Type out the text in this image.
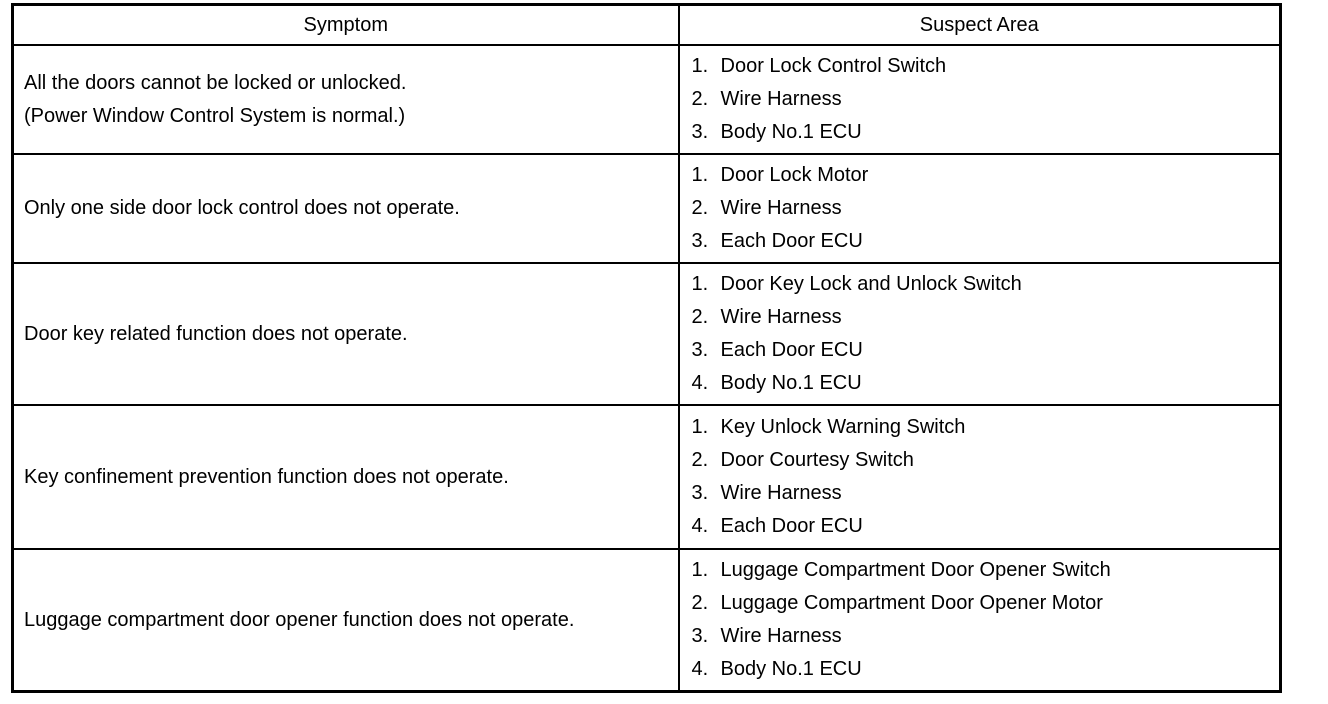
Symptom	Suspect Area

All the doors cannot be locked or unlocked.
(Power Window Control System is normal.)	1. Door Lock Control Switch
2. Wire Harness
3. Body No.1 ECU

Only one side door lock control does not operate.	1. Door Lock Motor
2. Wire Harness
3. Each Door ECU

Door key related function does not operate.	1. Door Key Lock and Unlock Switch
2. Wire Harness
3. Each Door ECU
4. Body No.1 ECU

Key confinement prevention function does not operate.	1. Key Unlock Warning Switch
2. Door Courtesy Switch
3. Wire Harness
4. Each Door ECU

Luggage compartment door opener function does not operate.	1. Luggage Compartment Door Opener Switch
2. Luggage Compartment Door Opener Motor
3. Wire Harness
4. Body No.1 ECU
